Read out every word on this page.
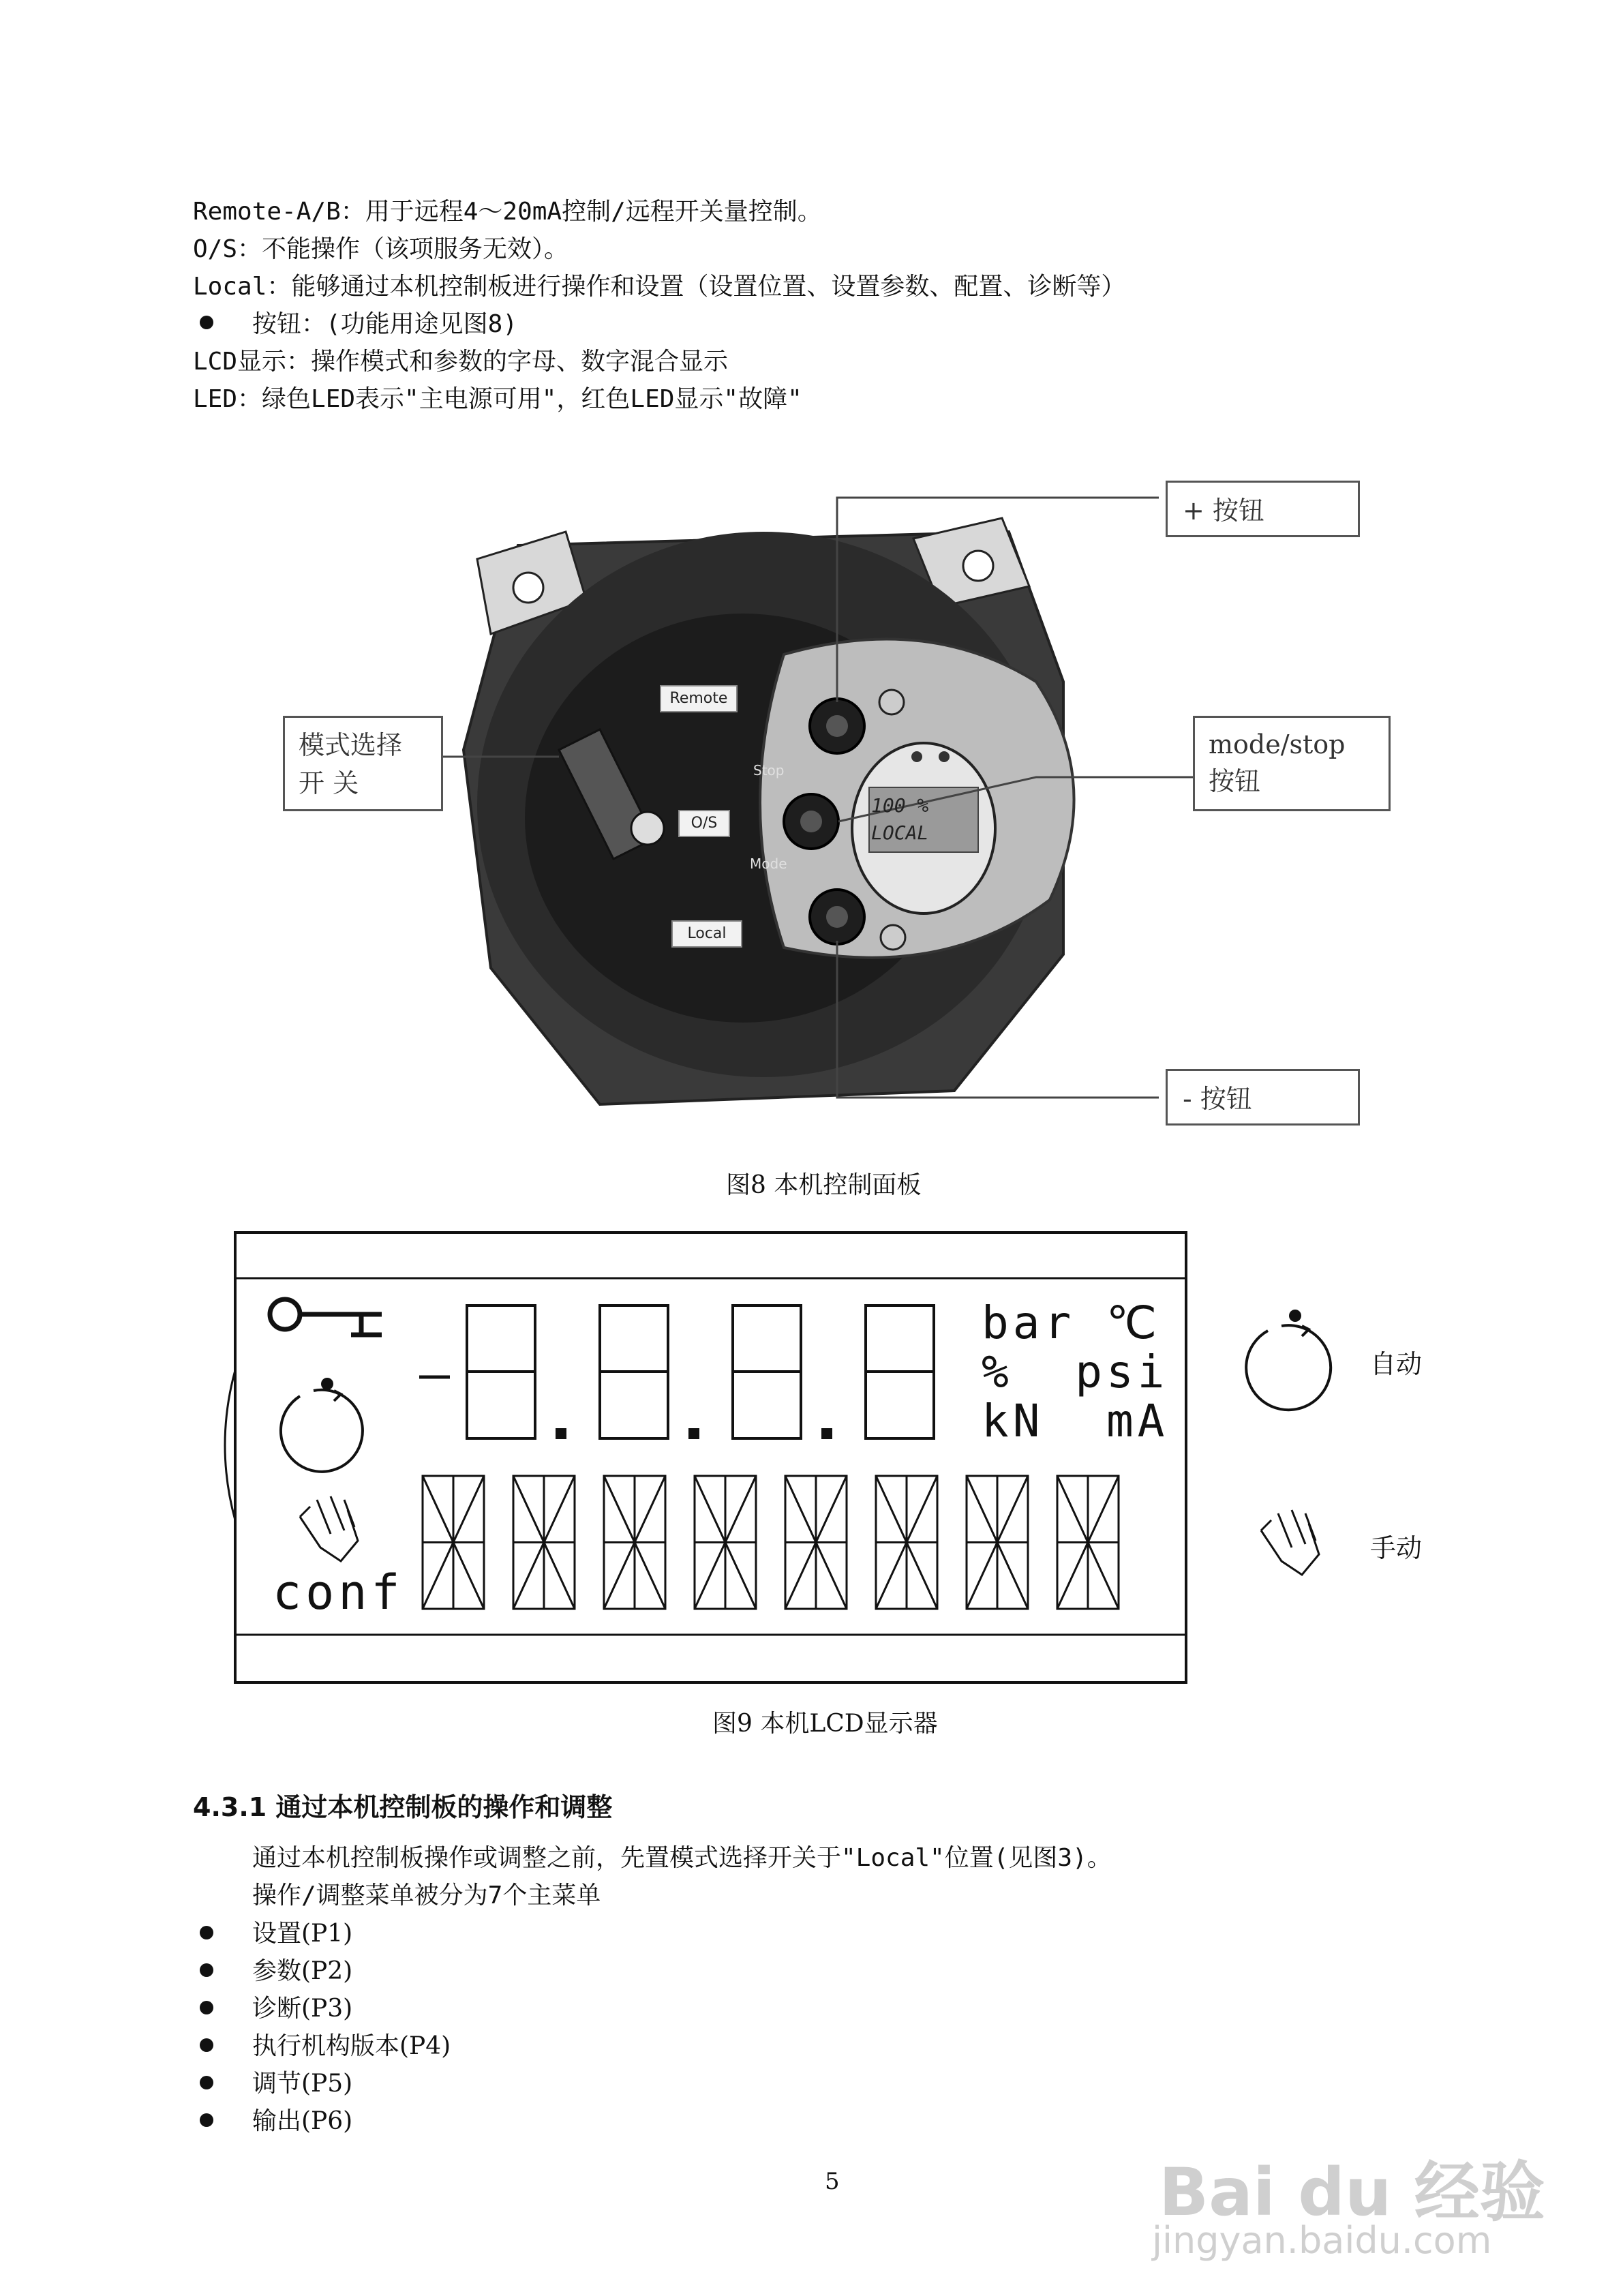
Remote-A/B：用于远程4～20mA控制/远程开关量控制。
O/S：不能操作（该项服务无效）。
Local：能够通过本机控制板进行操作和设置（设置位置、设置参数、配置、诊断等）
按钮：(功能用途见图8)
LCD显示：操作模式和参数的字母、数字混合显示
LED：绿色LED表示"主电源可用"，红色LED显示"故障"
100 %
LOCAL
Remote
O/S
Local
Stop
Mode
+ 按钮
模式选择
开 关
mode/stop
按钮
- 按钮
图8 本机控制面板
bar ℃
%  psi
kN  mA
conf
自动
手动
图9 本机LCD显示器
4.3.1 通过本机控制板的操作和调整
通过本机控制板操作或调整之前，先置模式选择开关于"Local"位置(见图3)。
操作/调整菜单被分为7个主菜单
设置(P1)
参数(P2)
诊断(P3)
执行机构版本(P4)
调节(P5)
输出(P6)
5	Bai du 经验
jingyan.baidu.com
